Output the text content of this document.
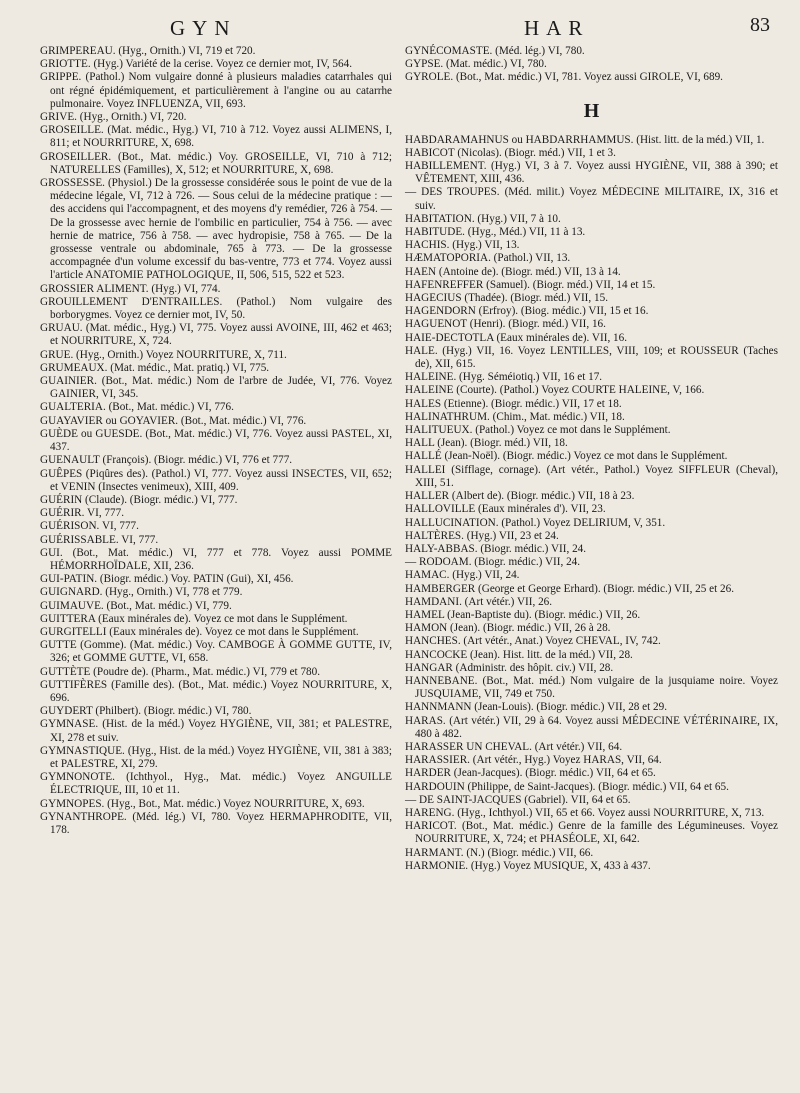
GYN	HAR	83

GRIMPEREAU. (Hyg., Ornith.) VI, 719 et 720.

GRIOTTE. (Hyg.) Variété de la cerise. Voyez ce dernier mot, IV, 564.

GRIPPE. (Pathol.) Nom vulgaire donné à plusieurs maladies catarrhales qui ont régné épidémiquement, et particulièrement à l'angine ou au catarrhe pulmonaire. Voyez INFLUENZA, VII, 693.

GRIVE. (Hyg., Ornith.) VI, 720.

GROSEILLE. (Mat. médic., Hyg.) VI, 710 à 712. Voyez aussi ALIMENS, I, 811; et NOURRITURE, X, 698.

GROSEILLER. (Bot., Mat. médic.) Voy. GROSEILLE, VI, 710 à 712; NATURELLES (Familles), X, 512; et NOURRITURE, X, 698.

GROSSESSE. (Physiol.) De la grossesse considérée sous le point de vue de la médecine légale, VI, 712 à 726. — Sous celui de la médecine pratique : — des accidens qui l'accompagnent, et des moyens d'y remédier, 726 à 754. — De la grossesse avec hernie de l'ombilic en particulier, 754 à 756. — avec hernie de matrice, 756 à 758. — avec hydropisie, 758 à 765. — De la grossesse ventrale ou abdominale, 765 à 773. — De la grossesse accompagnée d'un volume excessif du bas-ventre, 773 et 774. Voyez aussi l'article ANATOMIE PATHOLOGIQUE, II, 506, 515, 522 et 523.

GROSSIER ALIMENT. (Hyg.) VI, 774.

GROUILLEMENT D'ENTRAILLES. (Pathol.) Nom vulgaire des borborygmes. Voyez ce dernier mot, IV, 50.

GRUAU. (Mat. médic., Hyg.) VI, 775. Voyez aussi AVOINE, III, 462 et 463; et NOURRITURE, X, 724.

GRUE. (Hyg., Ornith.) Voyez NOURRITURE, X, 711.

GRUMEAUX. (Mat. médic., Mat. pratiq.) VI, 775.

GUAINIER. (Bot., Mat. médic.) Nom de l'arbre de Judée, VI, 776. Voyez GAINIER, VI, 345.

GUALTERIA. (Bot., Mat. médic.) VI, 776.

GUAYAVIER ou GOYAVIER. (Bot., Mat. médic.) VI, 776.

GUÈDE ou GUESDE. (Bot., Mat. médic.) VI, 776. Voyez aussi PASTEL, XI, 437.

GUENAULT (François). (Biogr. médic.) VI, 776 et 777.

GUÊPES (Piqûres des). (Pathol.) VI, 777. Voyez aussi INSECTES, VII, 652; et VENIN (Insectes venimeux), XIII, 409.

GUÉRIN (Claude). (Biogr. médic.) VI, 777.

GUÉRIR. VI, 777.

GUÉRISON. VI, 777.

GUÉRISSABLE. VI, 777.

GUI. (Bot., Mat. médic.) VI, 777 et 778. Voyez aussi POMME HÉMORRHOÏDALE, XII, 236.

GUI-PATIN. (Biogr. médic.) Voy. PATIN (Gui), XI, 456.

GUIGNARD. (Hyg., Ornith.) VI, 778 et 779.

GUIMAUVE. (Bot., Mat. médic.) VI, 779.

GUITTERA (Eaux minérales de). Voyez ce mot dans le Supplément.

GURGITELLI (Eaux minérales de). Voyez ce mot dans le Supplément.

GUTTE (Gomme). (Mat. médic.) Voy. CAMBOGE À GOMME GUTTE, IV, 326; et GOMME GUTTE, VI, 658.

GUTTÈTE (Poudre de). (Pharm., Mat. médic.) VI, 779 et 780.

GUTTIFÈRES (Famille des). (Bot., Mat. médic.) Voyez NOURRITURE, X, 696.

GUYDERT (Philbert). (Biogr. médic.) VI, 780.

GYMNASE. (Hist. de la méd.) Voyez HYGIÈNE, VII, 381; et PALESTRE, XI, 278 et suiv.

GYMNASTIQUE. (Hyg., Hist. de la méd.) Voyez HYGIÈNE, VII, 381 à 383; et PALESTRE, XI, 279.

GYMNONOTE. (Ichthyol., Hyg., Mat. médic.) Voyez ANGUILLE ÉLECTRIQUE, III, 10 et 11.

GYMNOPES. (Hyg., Bot., Mat. médic.) Voyez NOURRITURE, X, 693.

GYNANTHROPE. (Méd. lég.) VI, 780. Voyez HERMAPHRODITE, VII, 178.

GYNÉCOMASTE. (Méd. lég.) VI, 780.

GYPSE. (Mat. médic.) VI, 780.

GYROLE. (Bot., Mat. médic.) VI, 781. Voyez aussi GIROLE, VI, 689.

H

HABDARAMAHNUS ou HABDARRHAMMUS. (Hist. litt. de la méd.) VII, 1.

HABICOT (Nicolas). (Biogr. méd.) VII, 1 et 3.

HABILLEMENT. (Hyg.) VI, 3 à 7. Voyez aussi HYGIÈNE, VII, 388 à 390; et VÊTEMENT, XIII, 436.

— DES TROUPES. (Méd. milit.) Voyez MÉDECINE MILITAIRE, IX, 316 et suiv.

HABITATION. (Hyg.) VII, 7 à 10.

HABITUDE. (Hyg., Méd.) VII, 11 à 13.

HACHIS. (Hyg.) VII, 13.

HÆMATOPORIA. (Pathol.) VII, 13.

HAEN (Antoine de). (Biogr. méd.) VII, 13 à 14.

HAFENREFFER (Samuel). (Biogr. méd.) VII, 14 et 15.

HAGECIUS (Thadée). (Biogr. méd.) VII, 15.

HAGENDORN (Erfroy). (Biog. médic.) VII, 15 et 16.

HAGUENOT (Henri). (Biogr. méd.) VII, 16.

HAIE-DECTOTLA (Eaux minérales de). VII, 16.

HALE. (Hyg.) VII, 16. Voyez LENTILLES, VIII, 109; et ROUSSEUR (Taches de), XII, 615.

HALEINE. (Hyg. Séméiotiq.) VII, 16 et 17.

HALEINE (Courte). (Pathol.) Voyez COURTE HALEINE, V, 166.

HALES (Etienne). (Biogr. médic.) VII, 17 et 18.

HALINATHRUM. (Chim., Mat. médic.) VII, 18.

HALITUEUX. (Pathol.) Voyez ce mot dans le Supplément.

HALL (Jean). (Biogr. méd.) VII, 18.

HALLÉ (Jean-Noël). (Biogr. médic.) Voyez ce mot dans le Supplément.

HALLEI (Sifflage, cornage). (Art vétér., Pathol.) Voyez SIFFLEUR (Cheval), XIII, 51.

HALLER (Albert de). (Biogr. médic.) VII, 18 à 23.

HALLOVILLE (Eaux minérales d'). VII, 23.

HALLUCINATION. (Pathol.) Voyez DELIRIUM, V, 351.

HALTÈRES. (Hyg.) VII, 23 et 24.

HALY-ABBAS. (Biogr. médic.) VII, 24.

— RODOAM. (Biogr. médic.) VII, 24.

HAMAC. (Hyg.) VII, 24.

HAMBERGER (George et George Erhard). (Biogr. médic.) VII, 25 et 26.

HAMDANI. (Art vétér.) VII, 26.

HAMEL (Jean-Baptiste du). (Biogr. médic.) VII, 26.

HAMON (Jean). (Biogr. médic.) VII, 26 à 28.

HANCHES. (Art vétér., Anat.) Voyez CHEVAL, IV, 742.

HANCOCKE (Jean). Hist. litt. de la méd.) VII, 28.

HANGAR (Administr. des hôpit. civ.) VII, 28.

HANNEBANE. (Bot., Mat. méd.) Nom vulgaire de la jusquiame noire. Voyez JUSQUIAME, VII, 749 et 750.

HANNMANN (Jean-Louis). (Biogr. médic.) VII, 28 et 29.

HARAS. (Art vétér.) VII, 29 à 64. Voyez aussi MÉDECINE VÉTÉRINAIRE, IX, 480 à 482.

HARASSER UN CHEVAL. (Art vétér.) VII, 64.

HARASSIER. (Art vétér., Hyg.) Voyez HARAS, VII, 64.

HARDER (Jean-Jacques). (Biogr. médic.) VII, 64 et 65.

HARDOUIN (Philippe, de Saint-Jacques). (Biogr. médic.) VII, 64 et 65.

— DE SAINT-JACQUES (Gabriel). VII, 64 et 65.

HARENG. (Hyg., Ichthyol.) VII, 65 et 66. Voyez aussi NOURRITURE, X, 713.

HARICOT. (Bot., Mat. médic.) Genre de la famille des Légumineuses. Voyez NOURRITURE, X, 724; et PHASÉOLE, XI, 642.

HARMANT. (N.) (Biogr. médic.) VII, 66.

HARMONIE. (Hyg.) Voyez MUSIQUE, X, 433 à 437.
